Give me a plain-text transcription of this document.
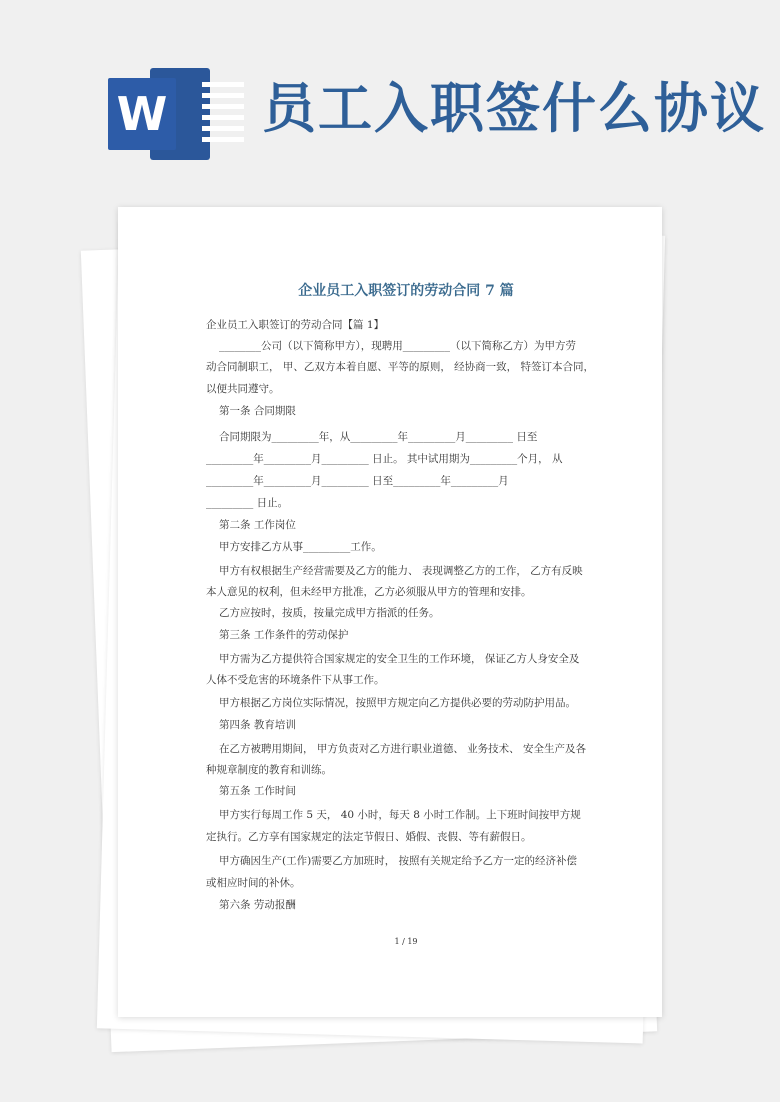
W 员工入职签什么协议
企业员工入职签订的劳动合同 7 篇
企业员工入职签订的劳动合同【篇 1】
________公司（以下简称甲方），现聘用_________（以下简称乙方）为甲方劳
动合同制职工， 甲、乙双方本着自愿、平等的原则， 经协商一致， 特签订本合同，
以便共同遵守。
第一条 合同期限
合同期限为_________年，从_________年_________月_________ 日至
_________年_________月_________ 日止。 其中试用期为_________个月， 从
_________年_________月_________ 日至_________年_________月
_________ 日止。
第二条 工作岗位
甲方安排乙方从事_________工作。
甲方有权根据生产经营需要及乙方的能力、 表现调整乙方的工作， 乙方有反映
本人意见的权利，但未经甲方批准，乙方必须服从甲方的管理和安排。
乙方应按时，按质，按量完成甲方指派的任务。
第三条 工作条件的劳动保护
甲方需为乙方提供符合国家规定的安全卫生的工作环境， 保证乙方人身安全及
人体不受危害的环境条件下从事工作。
甲方根据乙方岗位实际情况，按照甲方规定向乙方提供必要的劳动防护用品。
第四条 教育培训
在乙方被聘用期间， 甲方负责对乙方进行职业道德、 业务技术、 安全生产及各
种规章制度的教育和训练。
第五条 工作时间
甲方实行每周工作 5 天， 40 小时，每天 8 小时工作制。上下班时间按甲方规
定执行。乙方享有国家规定的法定节假日、婚假、丧假、等有薪假日。
甲方确因生产(工作)需要乙方加班时， 按照有关规定给予乙方一定的经济补偿
或相应时间的补休。
第六条 劳动报酬
1 / 19
